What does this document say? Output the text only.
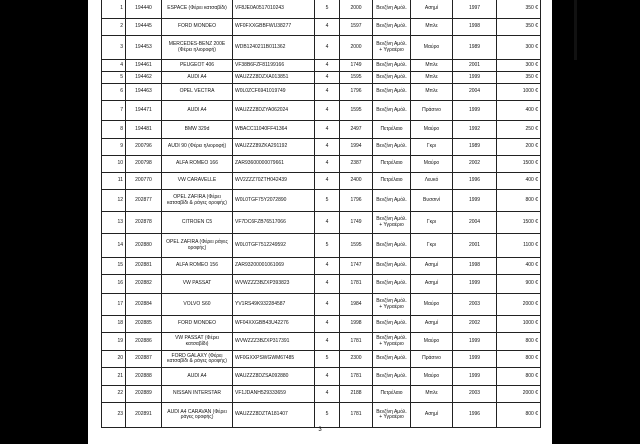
1	194440	ESPACE (Φέρει κατσαβίδι)	VF8JE0A0517010243	5	2000	Βενζίνη Αμόλ.	Ασημί	1997	350 €
2	194445	FORD MONDEO	WF0FXXGBBFWU38277	4	1597	Βενζίνη Αμόλ.	Μπλε	1998	350 €
3	194453	MERCEDES-BENZ 200E (Φέρει ηλιοροφή)	WDB1240211B011362	4	2000	Βενζίνη Αμόλ. + Υγραέριο	Μαύρο	1989	300 €
4	194461	PEUGEOT 406	VF38B6FZF81199166	4	1749	Βενζίνη Αμόλ.	Μπλε	2001	300 €
5	194462	AUDI A4	WAUZZZ8DZXA013851	4	1595	Βενζίνη Αμόλ.	Μπλε	1999	350 €
6	194463	OPEL VECTRA	W0L0ZCF6941019749	4	1796	Βενζίνη Αμόλ.	Μπλε	2004	1000 €
7	194471	AUDI A4	WAUZZZ8DZYA062024	4	1595	Βενζίνη Αμόλ.	Πράσινο	1999	400 €
8	194481	BMW 329d	WBACC11040FF41364	4	2497	Πετρέλαιο	Μαύρο	1992	250 €
9	200796	AUDI 90 (Φέρει ηλιοροφή)	WAUZZZ89ZKA291192	4	1994	Βενζίνη Αμόλ.	Γκρι	1989	200 €
10	200798	ALFA ROMEO 166	ZAR93600000079661	4	2387	Πετρέλαιο	Μαύρο	2002	1500 €
11	200770	VW CARAVELLE	WV2ZZZ70ZTH042439	4	2400	Πετρέλαιο	Λευκό	1996	400 €
12	202877	OPEL ZAFIRA (Φέρει κατσαβίδι & ράγες οροφής)	W0L0TGF75Y2072890	5	1796	Βενζίνη Αμόλ.	Βυσσινί	1999	800 €
13	202878	CITROEN C5	VF7DC6FZB76517066	4	1749	Βενζίνη Αμόλ. + Υγραέριο	Γκρι	2004	1500 €
14	202880	OPEL ZAFIRA (Φέρει ράγες οροφής)	W0L0TGF7512249592	5	1595	Βενζίνη Αμόλ.	Γκρι	2001	1100 €
15	202881	ALFA ROMEO 156	ZAR93200001061069	4	1747	Βενζίνη Αμόλ.	Ασημί	1998	400 €
16	202882	VW PASSAT	WVWZZZ3BZXP393823	4	1781	Βενζίνη Αμόλ.	Ασημί	1999	900 €
17	202884	VOLVO S60	YV1RS49K932284587	4	1984	Βενζίνη Αμόλ. + Υγραέριο	Μαύρο	2003	2000 €
18	202885	FORD MONDEO	WF04XXGBB43U42276	4	1998	Βενζίνη Αμόλ.	Ασημί	2002	1000 €
19	202886	VW PASSAT (Φέρει κατσαβίδι)	WVWZZZ3BZXP317391	4	1781	Βενζίνη Αμόλ. + Υγραέριο	Μαύρο	1999	800 €
20	202887	FORD GALAXY (Φέρει κατσαβίδι & ράγες οροφής)	WF0GXXPSWGWM67485	5	2300	Βενζίνη Αμόλ.	Πράσινο	1999	800 €
21	202888	AUDI A4	WAUZZZ8DZSA092880	4	1781	Βενζίνη Αμόλ.	Μαύρο	1999	800 €
22	202889	NISSAN INTERSTAR	VF1JDANH529333659	4	2188	Πετρέλαιο	Μπλε	2003	2000 €
23	202891	AUDI A4 CARAVAN (Φέρει ράγες οροφής)	WAUZZZ8DZTA181407	5	1781	Βενζίνη Αμόλ. + Υγραέριο	Ασημί	1996	800 €
3
